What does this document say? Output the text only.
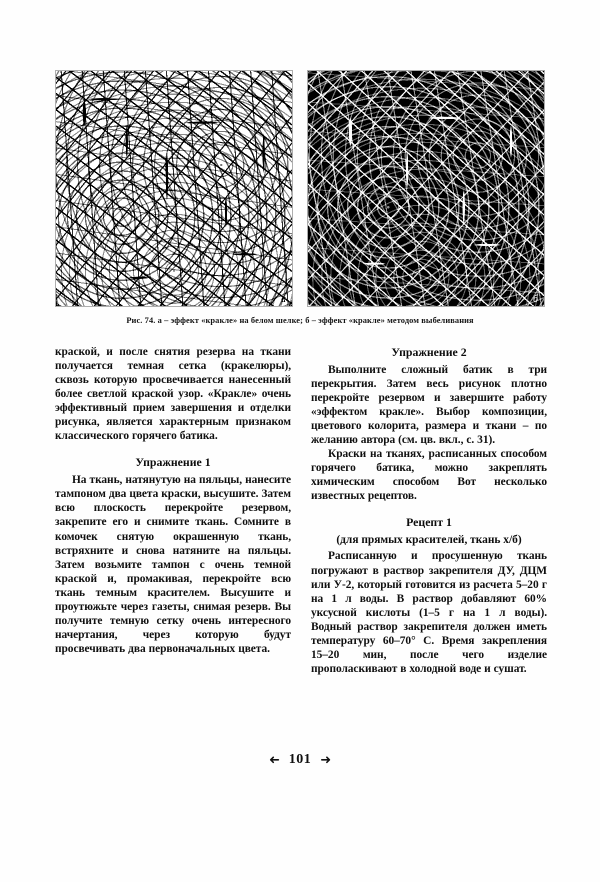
а	б
Рис. 74. а – эффект «кракле» на белом шелке; б – эффект «кракле» методом выбеливания

краской, и после снятия резерва на ткани получается темная сетка (кракелюры), сквозь которую просвечивается нанесенный более светлой краской узор. «Кракле» очень эффективный прием завершения и отделки рисунка, является характерным признаком классического горячего батика.

Упражнение 1

На ткань, натянутую на пяльцы, нанесите тампоном два цвета краски, высушите. Затем всю плоскость перекройте резервом, закрепите его и снимите ткань. Сомните в комочек снятую окрашенную ткань, встряхните и снова натяните на пяльцы. Затем возьмите тампон с очень темной краской и, промакивая, перекройте всю ткань темным красителем. Высушите и проутюжьте через газеты, снимая резерв. Вы получите темную сетку очень интересного начертания, через которую будут просвечивать два первоначальных цвета.

Упражнение 2

Выполните сложный батик в три перекрытия. Затем весь рисунок плотно перекройте резервом и завершите работу «эффектом кракле». Выбор композиции, цветового колорита, размера и ткани – по желанию автора (см. цв. вкл., с. 31).

Краски на тканях, расписанных способом горячего батика, можно закреплять химическим способом Вот несколько известных рецептов.

Рецепт 1
(для прямых красителей, ткань х/б)

Расписанную и просушенную ткань погружают в раствор закрепителя ДУ, ДЦМ или У-2, который готовится из расчета 5–20 г на 1 л воды. В раствор добавляют 60% уксусной кислоты (1–5 г на 1 л воды). Водный раствор закрепителя должен иметь температуру 60–70° С. Время закрепления 15–20 мин, после чего изделие прополаскивают в холодной воде и сушат.

➜ 101 ➜
